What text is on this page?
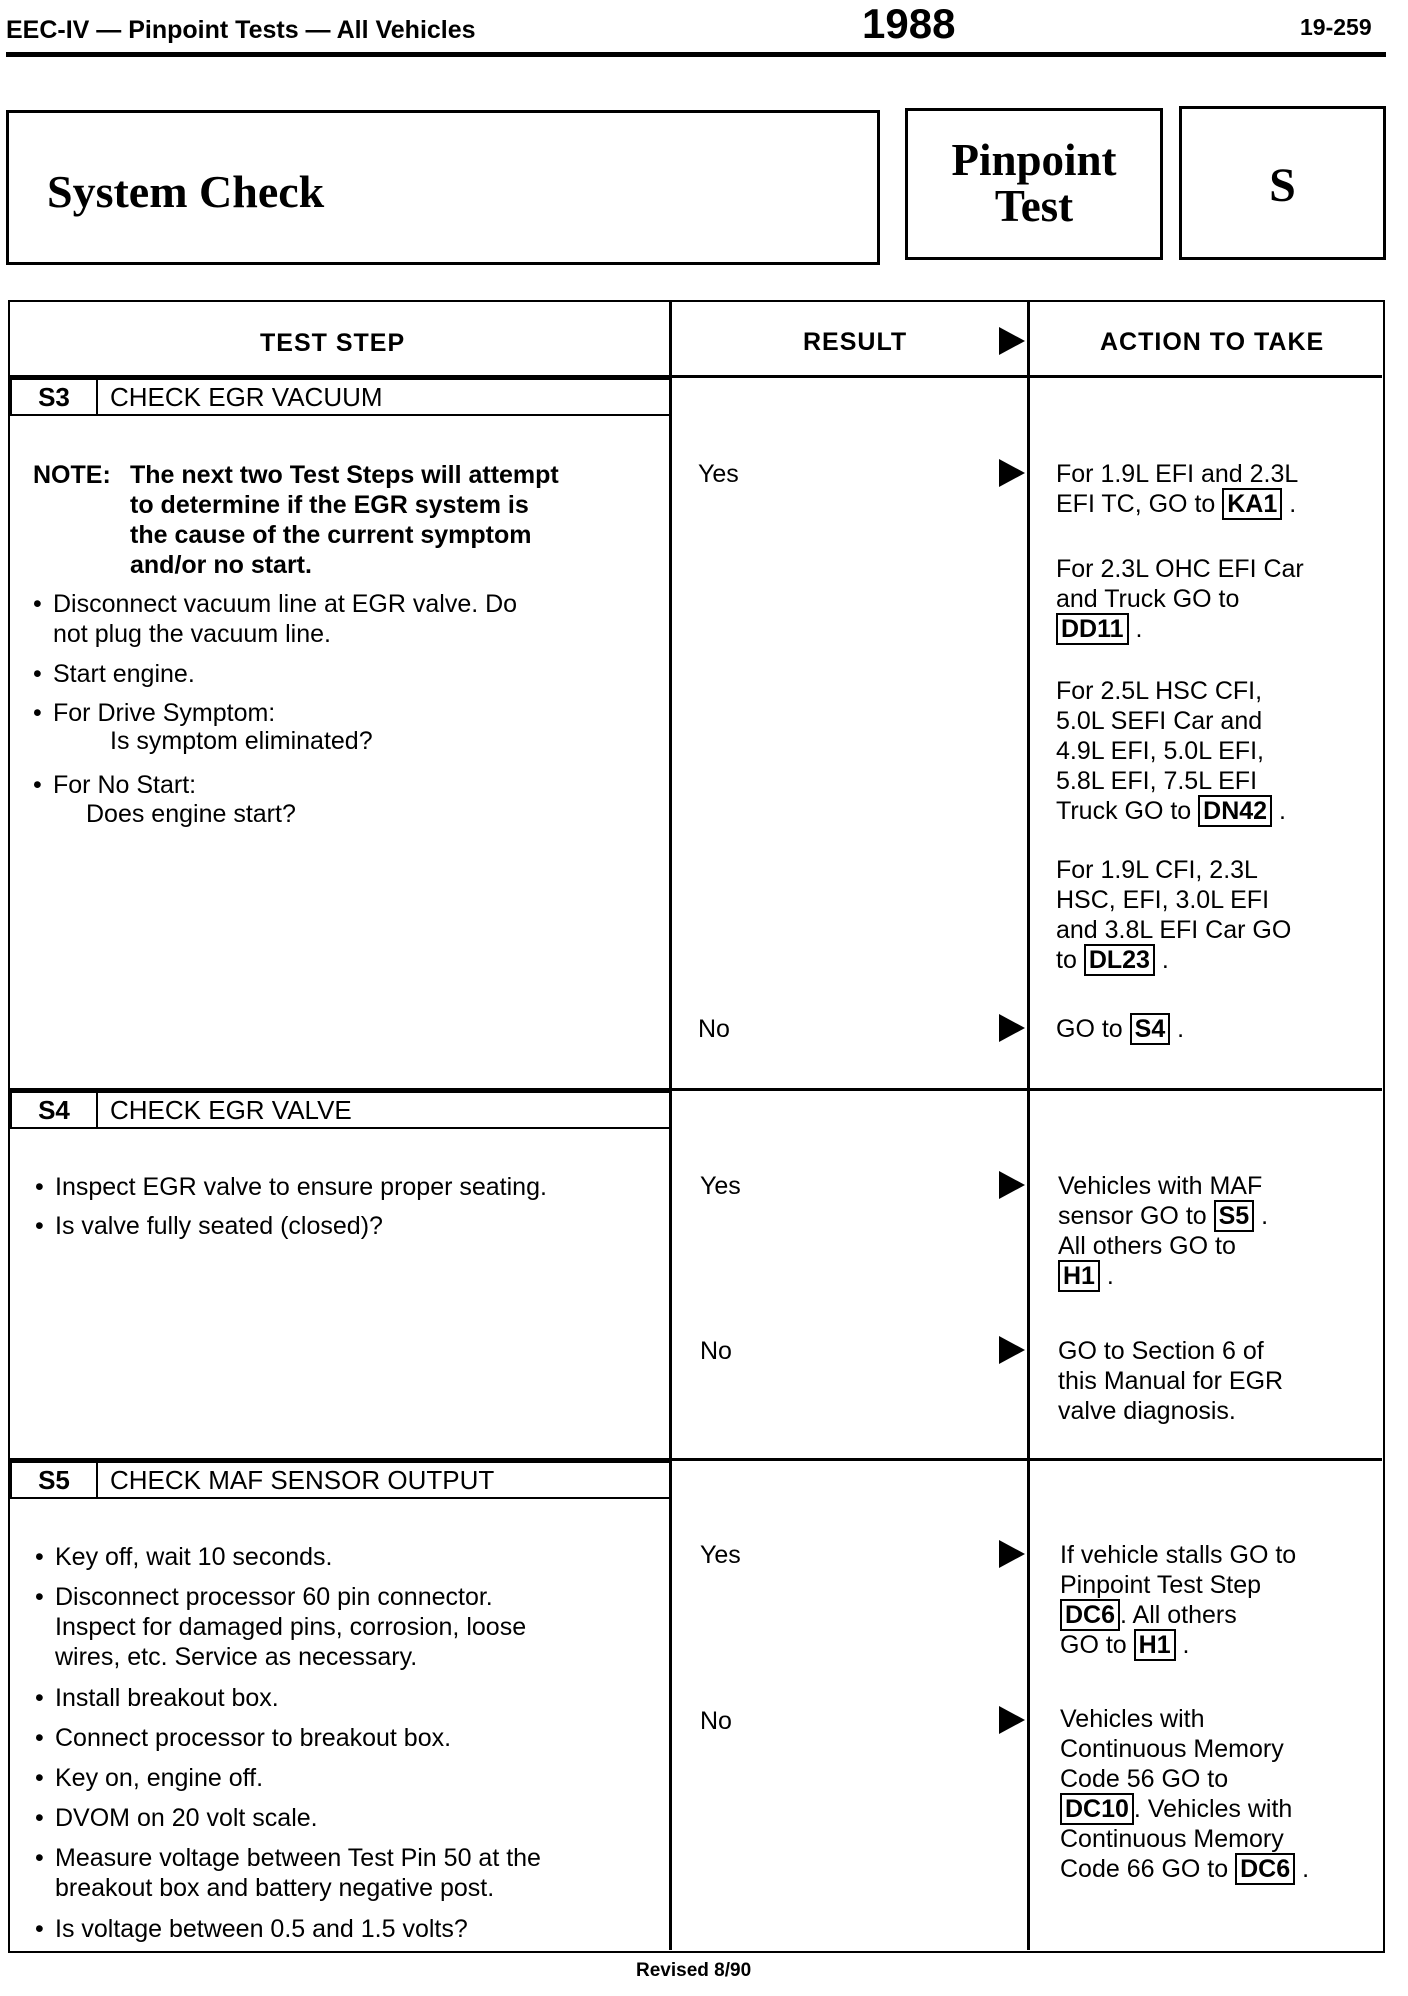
EEC-IV — Pinpoint Tests — All Vehicles	1988	19-259
System Check
Pinpoint
Test	S
TEST STEP	RESULT	ACTION TO TAKE
S3	CHECK EGR VACUUM
NOTE: The next two Test Steps will attempt
to determine if the EGR system is
the cause of the current symptom
and/or no start.
• Disconnect vacuum line at EGR valve. Do
not plug the vacuum line.
• Start engine.
• For Drive Symptom:
Is symptom eliminated?
• For No Start:
Does engine start?
Yes	For 1.9L EFI and 2.3L
EFI TC, GO to KA1 .
For 2.3L OHC EFI Car
and Truck GO to
DD11 .
For 2.5L HSC CFI,
5.0L SEFI Car and
4.9L EFI, 5.0L EFI,
5.8L EFI, 7.5L EFI
Truck GO to DN42 .
For 1.9L CFI, 2.3L
HSC, EFI, 3.0L EFI
and 3.8L EFI Car GO
to DL23 .
No	GO to S4 .
S4	CHECK EGR VALVE
• Inspect EGR valve to ensure proper seating.
• Is valve fully seated (closed)?
Yes	Vehicles with MAF
sensor GO to S5 .
All others GO to
H1 .
No	GO to Section 6 of
this Manual for EGR
valve diagnosis.
S5	CHECK MAF SENSOR OUTPUT
• Key off, wait 10 seconds.
• Disconnect processor 60 pin connector.
Inspect for damaged pins, corrosion, loose
wires, etc. Service as necessary.
• Install breakout box.
• Connect processor to breakout box.
• Key on, engine off.
• DVOM on 20 volt scale.
• Measure voltage between Test Pin 50 at the
breakout box and battery negative post.
• Is voltage between 0.5 and 1.5 volts?
Yes	If vehicle stalls GO to
Pinpoint Test Step
DC6 . All others
GO to H1 .
No	Vehicles with
Continuous Memory
Code 56 GO to
DC10 . Vehicles with
Continuous Memory
Code 66 GO to DC6 .
Revised 8/90
